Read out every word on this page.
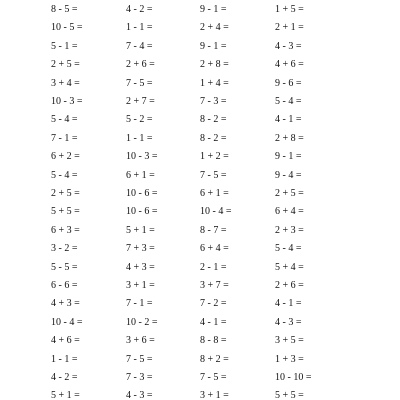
8 - 5 =	4 - 2 =	9 - 1 =	1 + 5 =
10 - 5 =	1 - 1 =	2 + 4 =	2 + 1 =
5 - 1 =	7 - 4 =	9 - 1 =	4 - 3 =
2 + 5 =	2 + 6 =	2 + 8 =	4 + 6 =
3 + 4 =	7 - 5 =	1 + 4 =	9 - 6 =
10 - 3 =	2 + 7 =	7 - 3 =	5 - 4 =
5 - 4 =	5 - 2 =	8 - 2 =	4 - 1 =
7 - 1 =	1 - 1 =	8 - 2 =	2 + 8 =
6 + 2 =	10 - 3 =	1 + 2 =	9 - 1 =
5 - 4 =	6 + 1 =	7 - 5 =	9 - 4 =
2 + 5 =	10 - 6 =	6 + 1 =	2 + 5 =
5 + 5 =	10 - 6 =	10 - 4 =	6 + 4 =
6 + 3 =	5 + 1 =	8 - 7 =	2 + 3 =
3 - 2 =	7 + 3 =	6 + 4 =	5 - 4 =
5 - 5 =	4 + 3 =	2 - 1 =	5 + 4 =
6 - 6 =	3 + 1 =	3 + 7 =	2 + 6 =
4 + 3 =	7 - 1 =	7 - 2 =	4 - 1 =
10 - 4 =	10 - 2 =	4 - 1 =	4 - 3 =
4 + 6 =	3 + 6 =	8 - 8 =	3 + 5 =
1 - 1 =	7 - 5 =	8 + 2 =	1 + 3 =
4 - 2 =	7 - 3 =	7 - 5 =	10 - 10 =
5 + 1 =	4 - 3 =	3 + 1 =	5 + 5 =
